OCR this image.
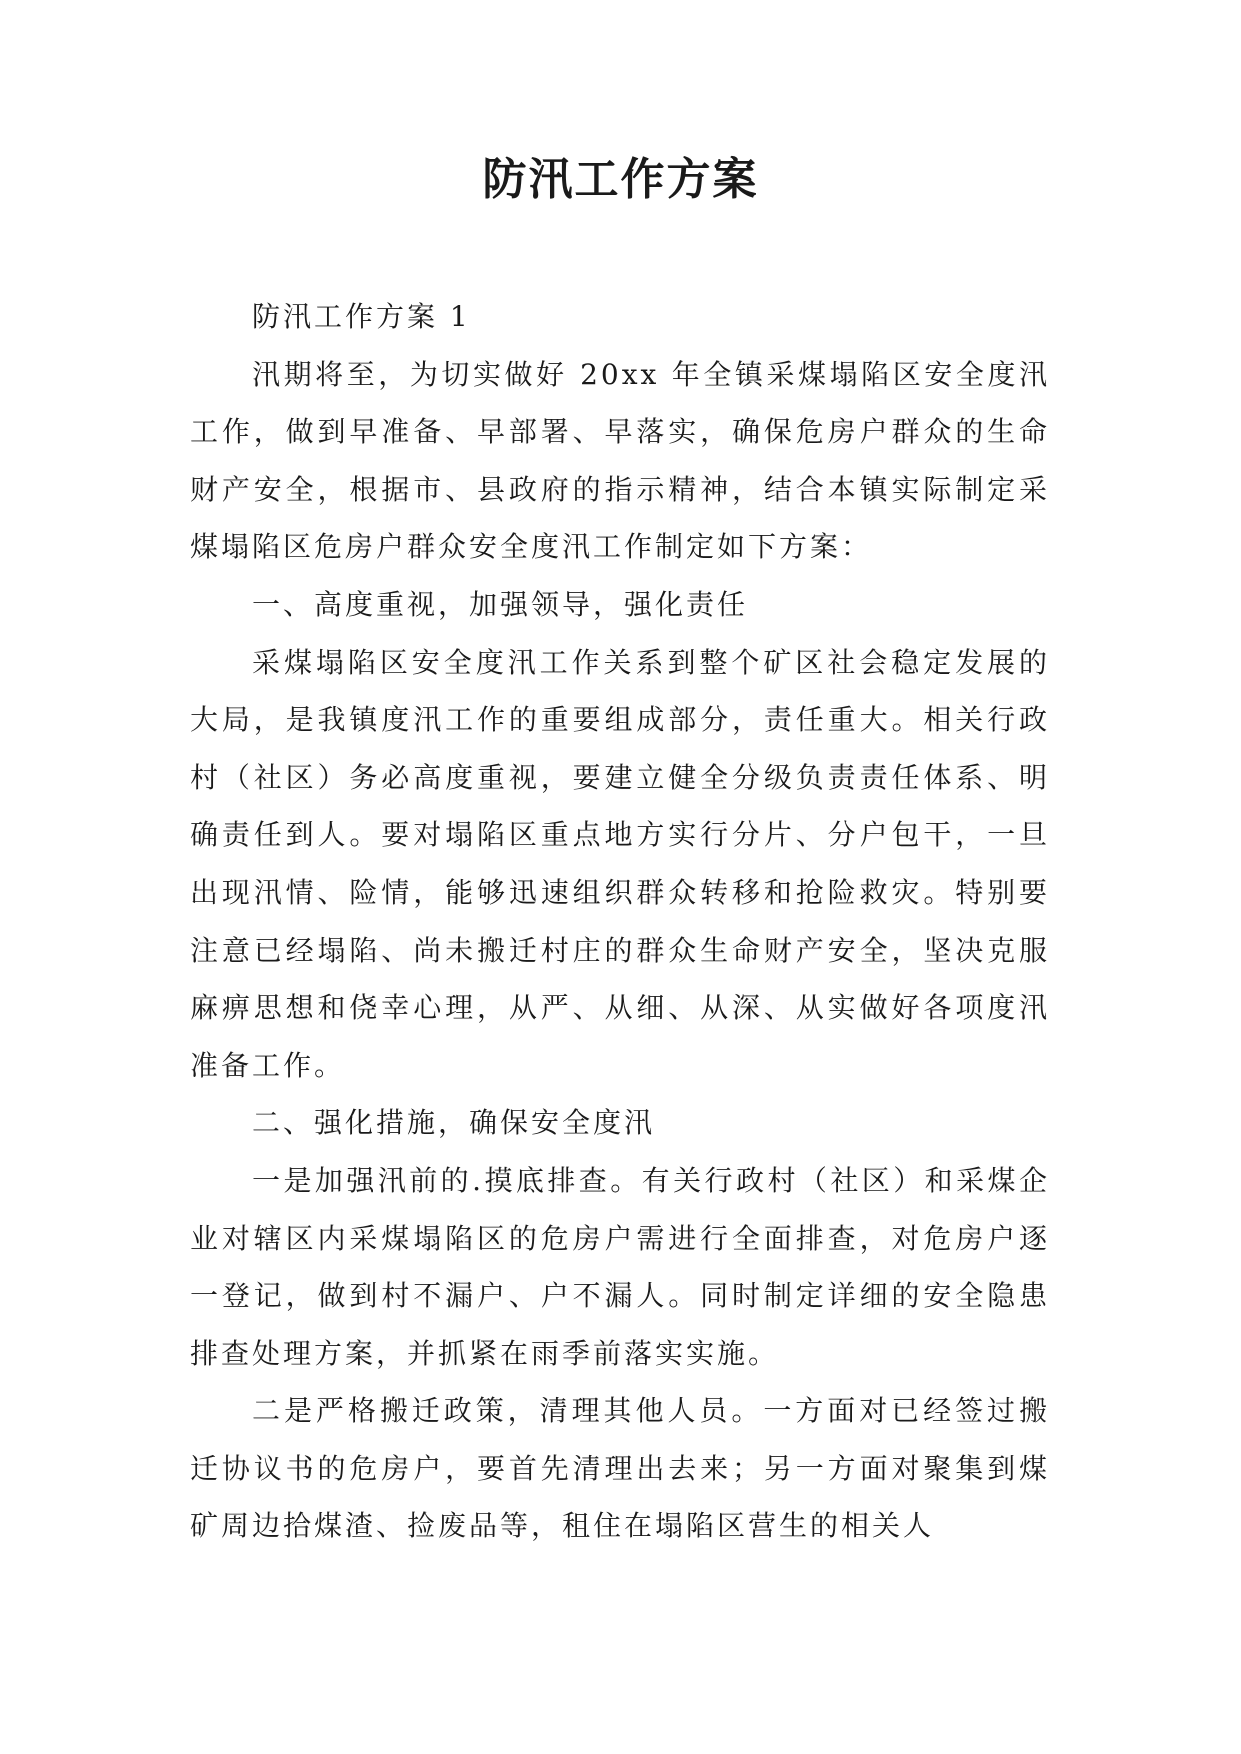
防汛工作方案

防汛工作方案 1

汛期将至，为切实做好 20xx 年全镇采煤塌陷区安全度汛工作，做到早准备、早部署、早落实，确保危房户群众的生命财产安全，根据市、县政府的指示精神，结合本镇实际制定采煤塌陷区危房户群众安全度汛工作制定如下方案：

一、高度重视，加强领导，强化责任

采煤塌陷区安全度汛工作关系到整个矿区社会稳定发展的大局，是我镇度汛工作的重要组成部分，责任重大。相关行政村（社区）务必高度重视，要建立健全分级负责责任体系、明确责任到人。要对塌陷区重点地方实行分片、分户包干，一旦出现汛情、险情，能够迅速组织群众转移和抢险救灾。特别要注意已经塌陷、尚未搬迁村庄的群众生命财产安全，坚决克服麻痹思想和侥幸心理，从严、从细、从深、从实做好各项度汛准备工作。

二、强化措施，确保安全度汛

一是加强汛前的.摸底排查。有关行政村（社区）和采煤企业对辖区内采煤塌陷区的危房户需进行全面排查，对危房户逐一登记，做到村不漏户、户不漏人。同时制定详细的安全隐患排查处理方案，并抓紧在雨季前落实实施。

二是严格搬迁政策，清理其他人员。一方面对已经签过搬迁协议书的危房户，要首先清理出去来；另一方面对聚集到煤矿周边拾煤渣、捡废品等，租住在塌陷区营生的相关人
